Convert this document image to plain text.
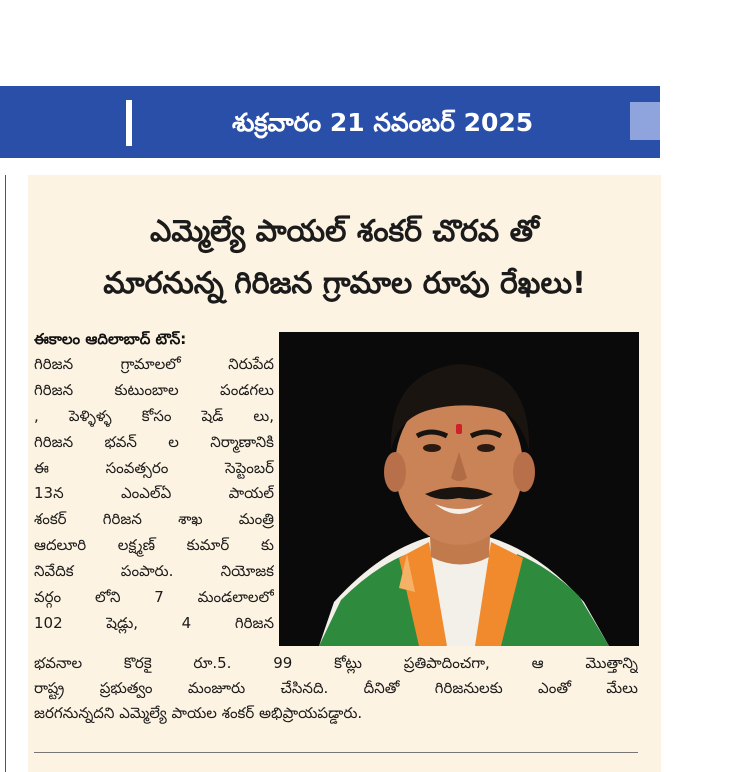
శుక్రవారం 21 నవంబర్ 2025
ఎమ్మెల్యే పాయల్ శంకర్ చొరవ తో
మారనున్న గిరిజన గ్రామాల రూపు రేఖలు!
ఈకాలం ఆదిలాబాద్ టౌన్:
గిరిజన గ్రామాలలో నిరుపేద
గిరిజన కుటుంబాల పండగలు
, పెళ్ళిళ్ళ కోసం షెడ్ లు,
గిరిజన భవన్ ల నిర్మాణానికి
ఈ సంవత్సరం సెప్టెంబర్
13న ఎంఎల్ఏ పాయల్
శంకర్ గిరిజన శాఖ మంత్రి
ఆదలూరి లక్ష్మణ్ కుమార్ కు
నివేదిక పంపారు. నియోజక
వర్గం లోని 7 మండలాలలో
102 షెడ్లు, 4 గిరిజన
భవనాల కొరకై రూ.5. 99 కోట్లు ప్రతిపాదించగా, ఆ మొత్తాన్ని
రాష్ట్ర ప్రభుత్వం మంజూరు చేసినది. దీనితో గిరిజనులకు ఎంతో మేలు
జరగనున్నదని ఎమ్మెల్యే పాయల శంకర్ అభిప్రాయపడ్డారు.
